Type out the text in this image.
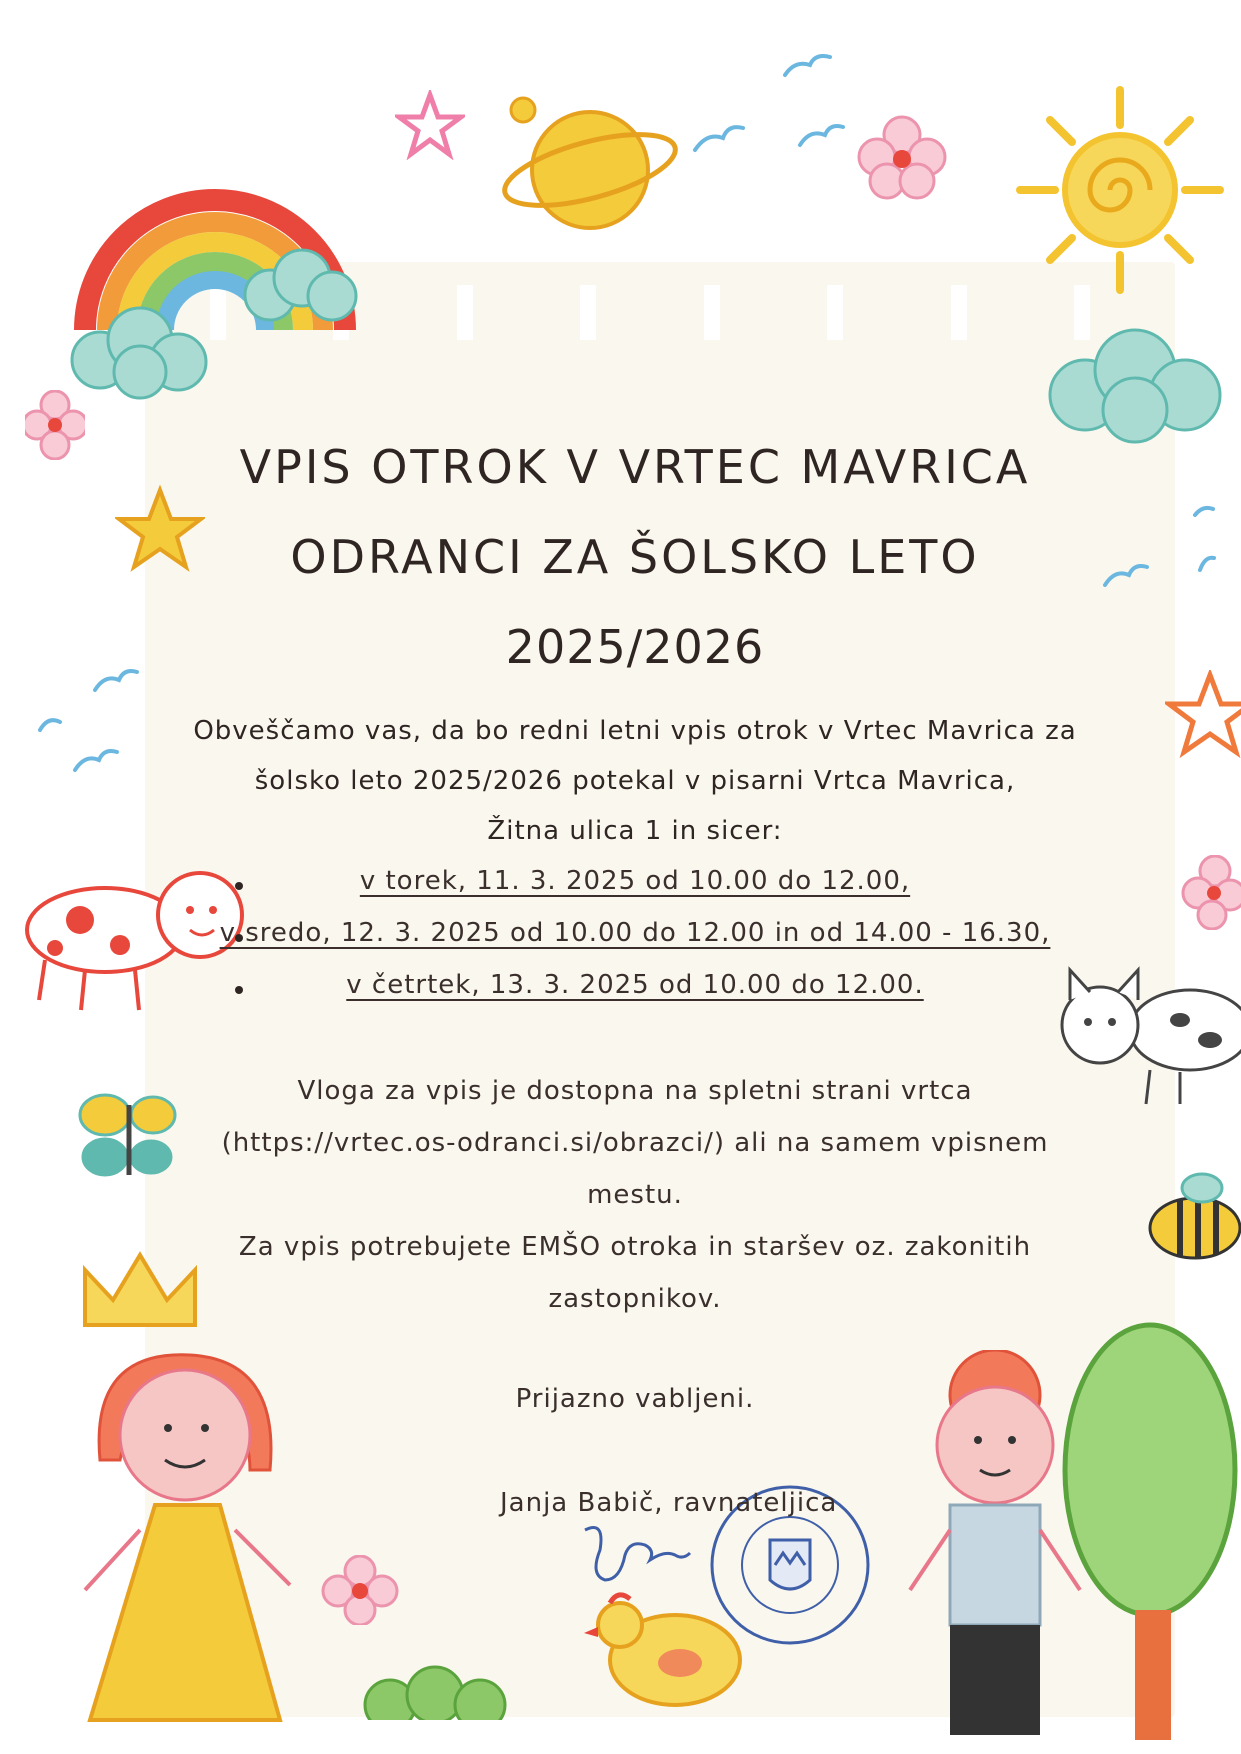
VPIS OTROK V VRTEC MAVRICA
ODRANCI ZA ŠOLSKO LETO
2025/2026
Obveščamo vas, da bo redni letni vpis otrok v Vrtec Mavrica za
šolsko leto 2025/2026 potekal v pisarni Vrtca Mavrica,
Žitna ulica 1 in sicer:
v torek, 11. 3. 2025 od 10.00 do 12.00,
v sredo, 12. 3. 2025 od 10.00 do 12.00 in od 14.00 - 16.30,
v četrtek, 13. 3. 2025 od 10.00 do 12.00.
Vloga za vpis je dostopna na spletni strani vrtca
(https://vrtec.os-odranci.si/obrazci/) ali na samem vpisnem
mestu.
Za vpis potrebujete EMŠO otroka in staršev oz. zakonitih
zastopnikov.
Prijazno vabljeni.
Janja Babič, ravnateljica
